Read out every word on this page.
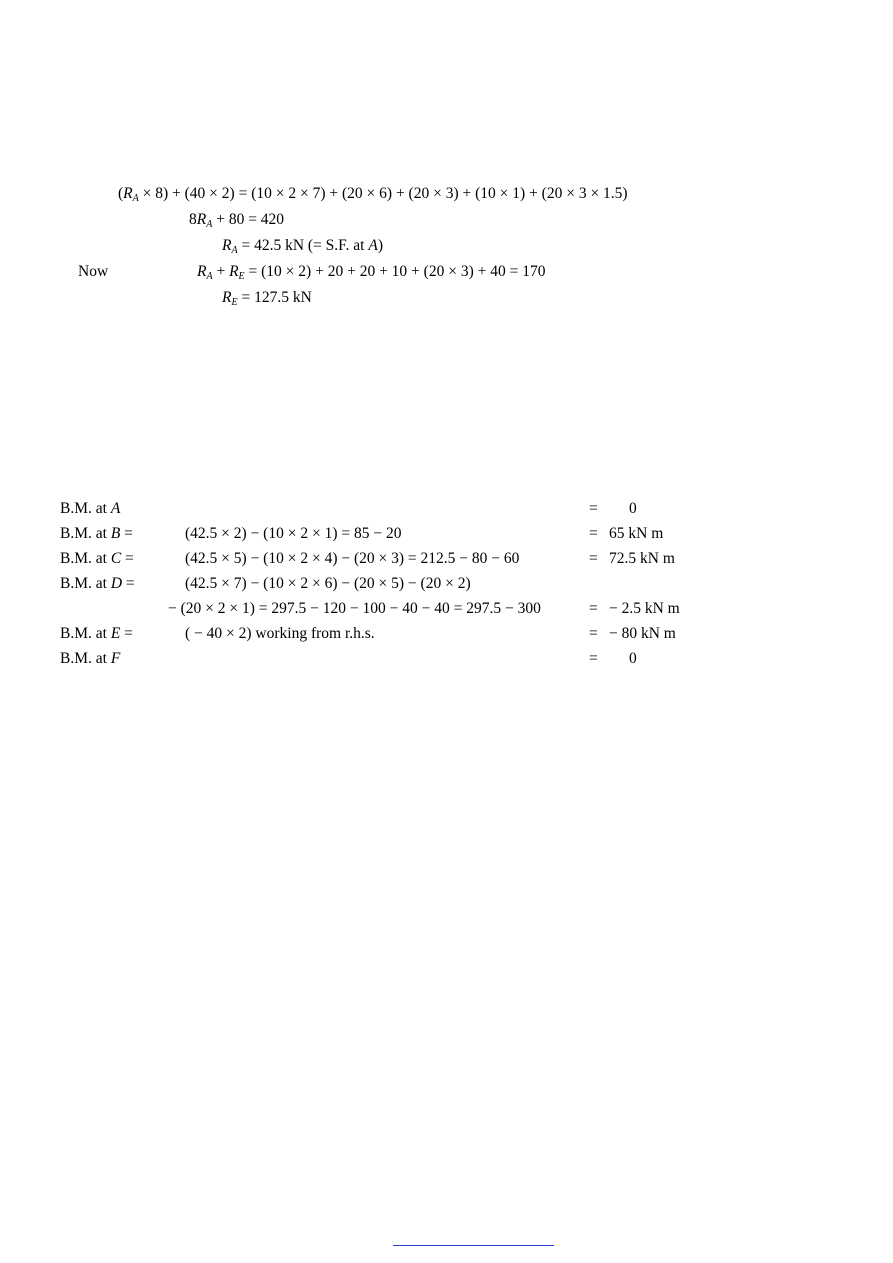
$(R_A \times 8) + (40 \times 2) = (10 \times 2 \times 7) + (20 \times 6) + (20 \times 3) + (10 \times 1) + (20 \times 3 \times 1.5)$
$8R_A + 80 = 420$
$R_A = 42.5$ kN (= S.F. at A)
Now	$R_A + R_E = (10 \times 2) + 20 + 20 + 10 + (20 \times 3) + 40 = 170$
$R_E = 127.5$ kN
B.M. at A	= 0
B.M. at B =	(42.5 × 2) − (10 × 2 × 1) = 85 − 20	= 65 kN m
B.M. at C =	(42.5 × 5) − (10 × 2 × 4) − (20 × 3) = 212.5 − 80 − 60	= 72.5 kN m
B.M. at D =	(42.5 × 7) − (10 × 2 × 6) − (20 × 5) − (20 × 2)
− (20 × 2 × 1) = 297.5 − 120 − 100 − 40 − 40 = 297.5 − 300	= − 2.5 kN m
B.M. at E =	( − 40 × 2) working from r.h.s.	= − 80 kN m
B.M. at F	= 0
